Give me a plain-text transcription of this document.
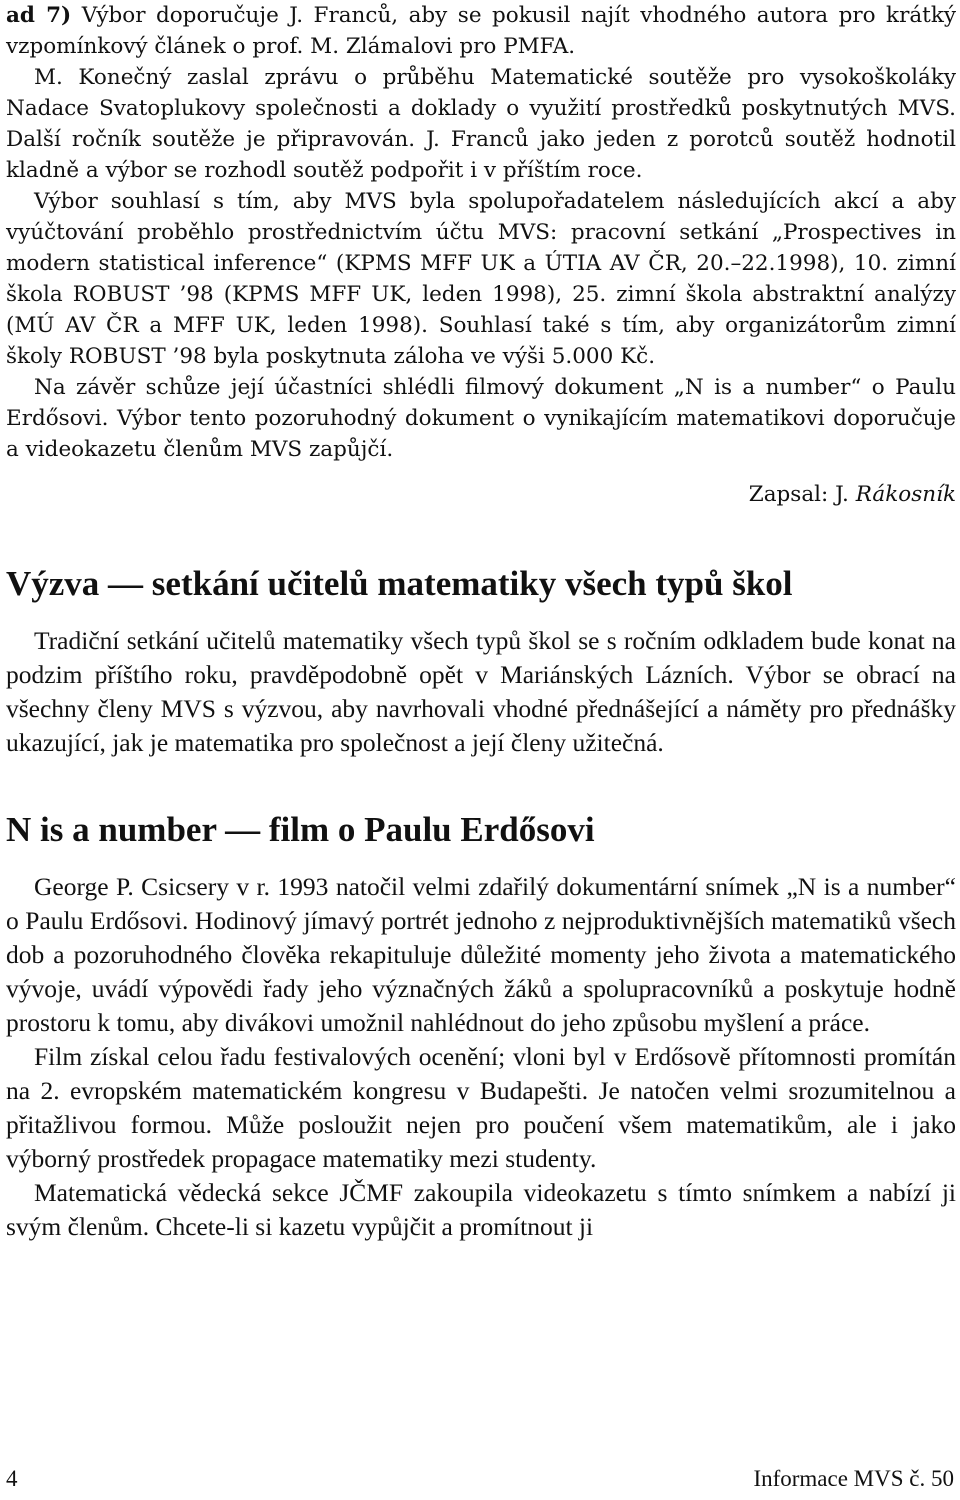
ad 7) Výbor doporučuje J. Franců, aby se pokusil najít vhodného autora pro krátký vzpomínkový článek o prof. M. Zlámalovi pro PMFA.

M. Konečný zaslal zprávu o průběhu Matematické soutěže pro vysokoškoláky Nadace Svatoplukovy společnosti a doklady o využití prostředků poskytnutých MVS. Další ročník soutěže je připravován. J. Franců jako jeden z porotců soutěž hodnotil kladně a výbor se rozhodl soutěž podpořit i v příštím roce.

Výbor souhlasí s tím, aby MVS byla spolupořadatelem následujících akcí a aby vyúčtování proběhlo prostřednictvím účtu MVS: pracovní setkání „Prospectives in modern statistical inference“ (KPMS MFF UK a ÚTIA AV ČR, 20.–22.1998), 10. zimní škola ROBUST ’98 (KPMS MFF UK, leden 1998), 25. zimní škola abstraktní analýzy (MÚ AV ČR a MFF UK, leden 1998). Souhlasí také s tím, aby organizátorům zimní školy ROBUST ’98 byla poskytnuta záloha ve výši 5.000 Kč.

Na závěr schůze její účastníci shlédli filmový dokument „N is a number“ o Paulu Erdősovi. Výbor tento pozoruhodný dokument o vynikajícím matematikovi doporučuje a videokazetu členům MVS zapůjčí.

Zapsal: J. Rákosník

Výzva — setkání učitelů matematiky všech typů škol

Tradiční setkání učitelů matematiky všech typů škol se s ročním odkladem bude konat na podzim příštího roku, pravděpodobně opět v Mariánských Lázních. Výbor se obrací na všechny členy MVS s výzvou, aby navrhovali vhodné přednášející a náměty pro přednášky ukazující, jak je matematika pro společnost a její členy užitečná.

N is a number — film o Paulu Erdősovi

George P. Csicsery v r. 1993 natočil velmi zdařilý dokumentární snímek „N is a number“ o Paulu Erdősovi. Hodinový jímavý portrét jednoho z nejproduktivnějších matematiků všech dob a pozoruhodného člověka rekapituluje důležité momenty jeho života a matematického vývoje, uvádí výpovědi řady jeho význačných žáků a spolupracovníků a poskytuje hodně prostoru k tomu, aby divákovi umožnil nahlédnout do jeho způsobu myšlení a práce.

Film získal celou řadu festivalových ocenění; vloni byl v Erdősově přítomnosti promítán na 2. evropském matematickém kongresu v Budapešti. Je natočen velmi srozumitelnou a přitažlivou formou. Může posloužit nejen pro poučení všem matematikům, ale i jako výborný prostředek propagace matematiky mezi studenty.

Matematická vědecká sekce JČMF zakoupila videokazetu s tímto snímkem a nabízí ji svým členům. Chcete-li si kazetu vypůjčit a promítnout ji

4	Informace MVS č. 50
